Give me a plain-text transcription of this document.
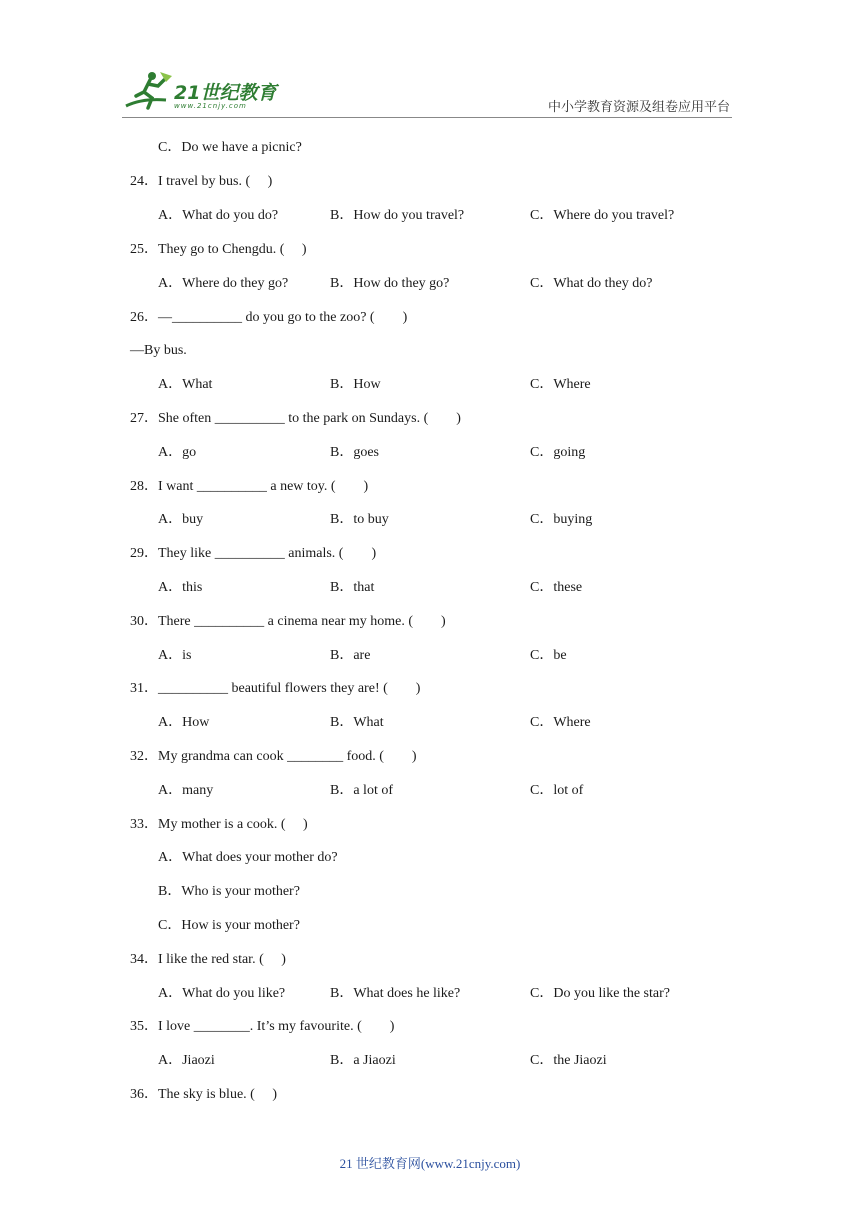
21世纪教育
www.21cnjy.com	中小学教育资源及组卷应用平台
C．Do we have a picnic?
24．I travel by bus. (　 )
A．What do you do?	B．How do you travel?	C．Where do you travel?
25．They go to Chengdu. (　 )
A．Where do they go?	B．How do they go?	C．What do they do?
26．—__________ do you go to the zoo? (　　)
—By bus.
A．What	B．How	C．Where
27．She often __________ to the park on Sundays. (　　)
A．go	B．goes	C．going
28．I want __________ a new toy. (　　)
A．buy	B．to buy	C．buying
29．They like __________ animals. (　　)
A．this	B．that	C．these
30．There __________ a cinema near my home. (　　)
A．is	B．are	C．be
31．__________ beautiful flowers they are! (　　)
A．How	B．What	C．Where
32．My grandma can cook ________ food. (　　)
A．many	B．a lot of	C．lot of
33．My mother is a cook. (　 )
A．What does your mother do?
B．Who is your mother?
C．How is your mother?
34．I like the red star. (　 )
A．What do you like?	B．What does he like?	C．Do you like the star?
35．I love ________. It’s my favourite. (　　)
A．Jiaozi	B．a Jiaozi	C．the Jiaozi
36．The sky is blue. (　 )
21 世纪教育网(www.21cnjy.com)
